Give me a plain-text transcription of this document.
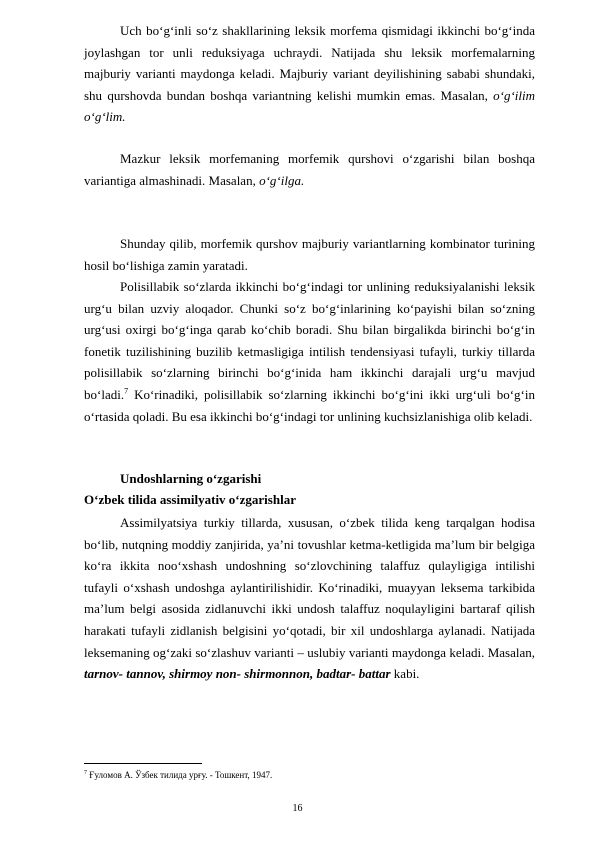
Uch bo‘g‘inli so‘z shakllarining leksik morfema qismidagi ikkinchi bo‘g‘inda joylashgan tor unli reduksiyaga uchraydi. Natijada shu leksik morfemalarning majburiy varianti maydonga keladi. Majburiy variant deyilishining sababi shundaki, shu qurshovda bundan boshqa variantning kelishi mumkin emas. Masalan, o‘g‘ilim o‘g‘lim.
Mazkur leksik morfemaning morfemik qurshovi o‘zgarishi bilan boshqa variantiga almashinadi. Masalan, o‘g‘ilga.
Shunday qilib, morfemik qurshov majburiy variantlarning kombinator turining hosil bo‘lishiga zamin yaratadi.
Polisillabik so‘zlarda ikkinchi bo‘g‘indagi tor unlining reduksiyalanishi leksik urg‘u bilan uzviy aloqador. Chunki so‘z bo‘g‘inlarining ko‘payishi bilan so‘zning urg‘usi oxirgi bo‘g‘inga qarab ko‘chib boradi. Shu bilan birgalikda birinchi bo‘g‘in fonetik tuzilishining buzilib ketmasligiga intilish tendensiyasi tufayli, turkiy tillarda polisillabik so‘zlarning birinchi bo‘g‘inida ham ikkinchi darajali urg‘u mavjud bo‘ladi.$^7$ Ko‘rinadiki, polisillabik so‘zlarning ikkinchi bo‘g‘ini ikki urg‘uli bo‘g‘in o‘rtasida qoladi. Bu esa ikkinchi bo‘g‘indagi tor unlining kuchsizlanishiga olib keladi.
Undoshlarning o‘zgarishi
O‘zbek tilida assimilyativ o‘zgarishlar
Assimilyatsiya turkiy tillarda, xususan, o‘zbek tilida keng tarqalgan hodisa bo‘lib, nutqning moddiy zanjirida, ya’ni tovushlar ketma-ketligida ma’lum bir belgiga ko‘ra ikkita noo‘xshash undoshning so‘zlovchining talaffuz qulayligiga intilishi tufayli o‘xshash undoshga aylantirilishidir. Ko‘rinadiki, muayyan leksema tarkibida ma’lum belgi asosida zidlanuvchi ikki undosh talaffuz noqulayligini bartaraf qilish harakati tufayli zidlanish belgisini yo‘qotadi, bir xil undoshlarga aylanadi. Natijada leksemaning og‘zaki so‘zlashuv varianti – uslubiy varianti maydonga keladi. Masalan, tarnov- tannov, shirmoy non- shirmonnon, badtar- battar kabi.
$^7$ Ғуломов А. Ўзбек тилида урғу. - Тошкент, 1947.
16
